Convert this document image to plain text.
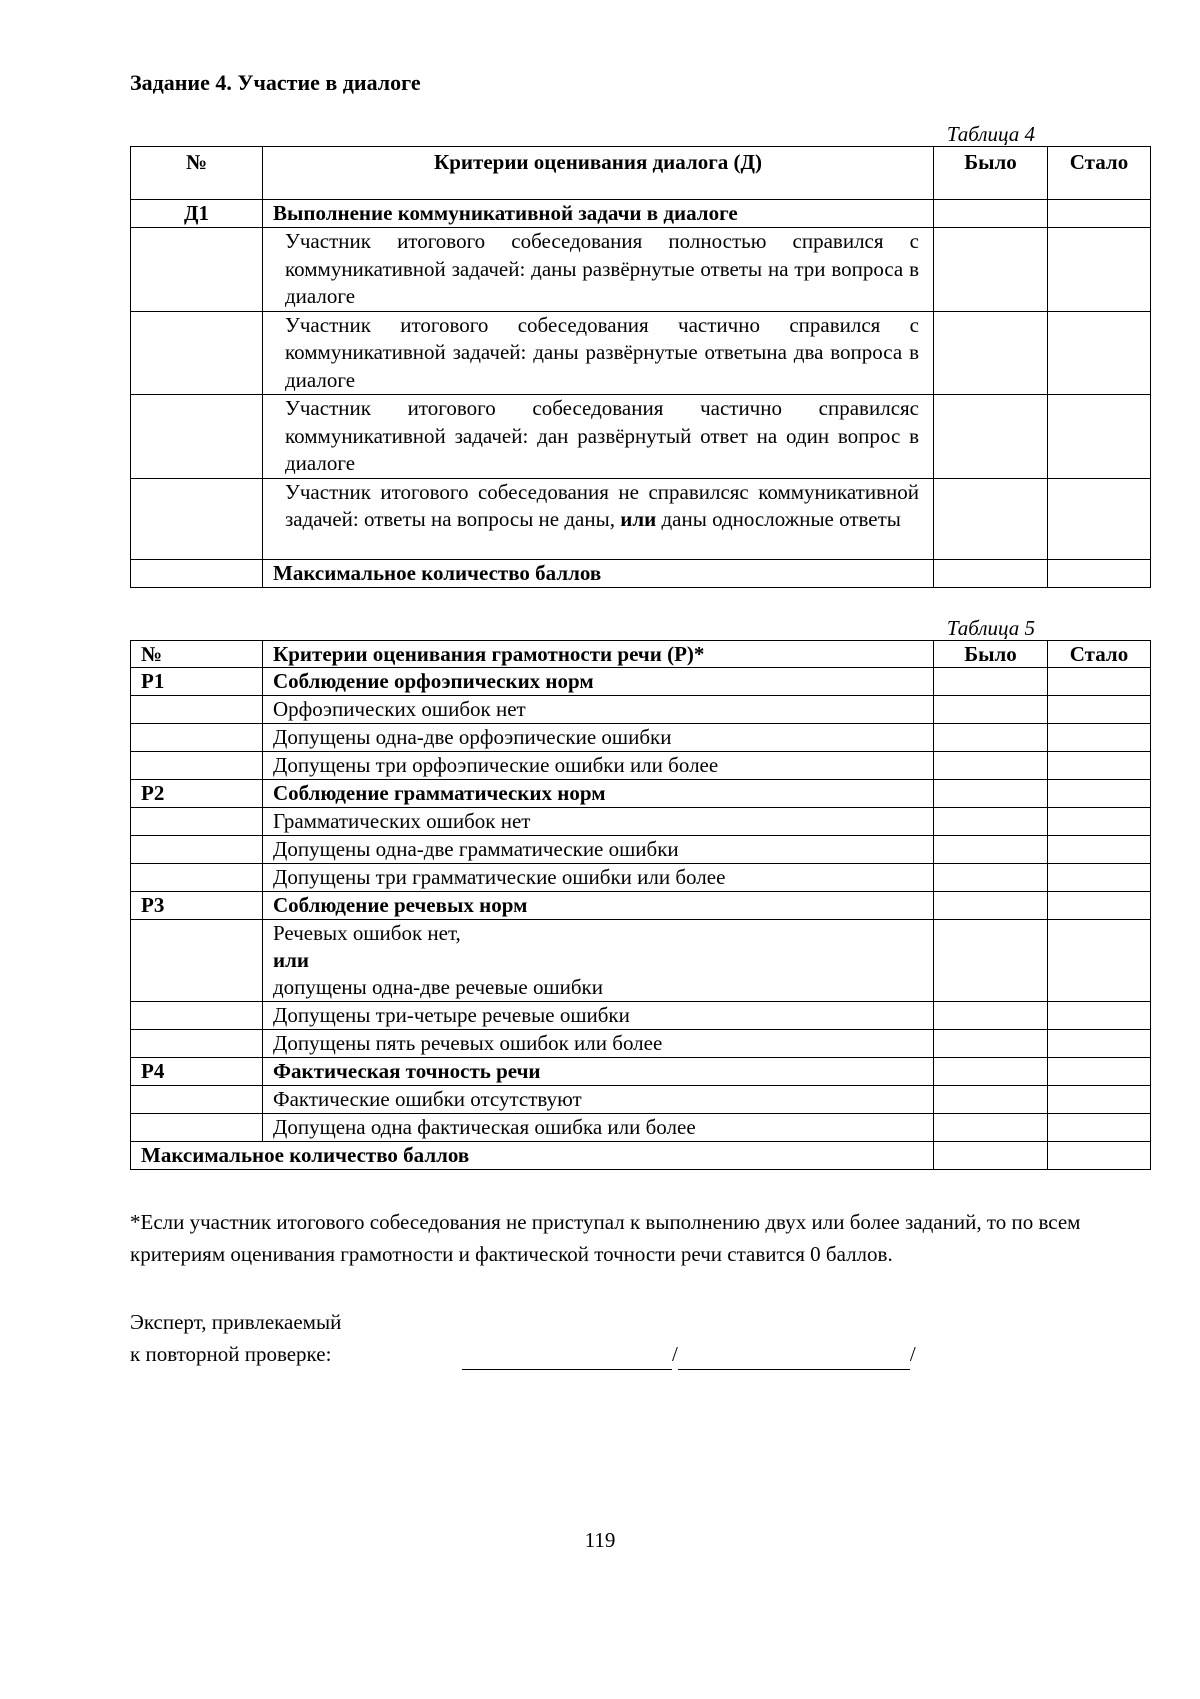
Задание 4. Участие в диалоге
Таблица 4
№	Критерии оценивания диалога (Д)	Было	Стало
Д1	Выполнение коммуникативной задачи в диалоге		
	Участник итогового собеседования полностью справился с коммуникативной задачей: даны развёрнутые ответы на три вопроса в диалоге		
	Участник итогового собеседования частично справился с коммуникативной задачей: даны развёрнутые ответына два вопроса в диалоге		
	Участник итогового собеседования частично справилсяс коммуникативной задачей: дан развёрнутый ответ на один вопрос в диалоге		
	Участник итогового собеседования не справилсяс коммуникативной задачей: ответы на вопросы не даны, или даны односложные ответы		
	Максимальное количество баллов		
Таблица 5
№	Критерии оценивания грамотности речи (Р)*	Было	Стало
Р1	Соблюдение орфоэпических норм		
	Орфоэпических ошибок нет		
	Допущены одна-две орфоэпические ошибки		
	Допущены три орфоэпические ошибки или более		
Р2	Соблюдение грамматических норм		
	Грамматических ошибок нет		
	Допущены одна-две грамматические ошибки		
	Допущены три грамматические ошибки или более		
Р3	Соблюдение речевых норм		

	Речевых ошибок нет,
или
допущены одна-две речевые ошибки		

	Допущены три-четыре речевые ошибки		
	Допущены пять речевых ошибок или более		
Р4	Фактическая точность речи		
	Фактические ошибки отсутствуют		
	Допущена одна фактическая ошибка или более		
Максимальное количество баллов			
*Если участник итогового собеседования не приступал к выполнению двух или более заданий, то по всем критериям оценивания грамотности и фактической точности речи ставится 0 баллов.
Эксперт, привлекаемый
к повторной проверке:	/	/
119
